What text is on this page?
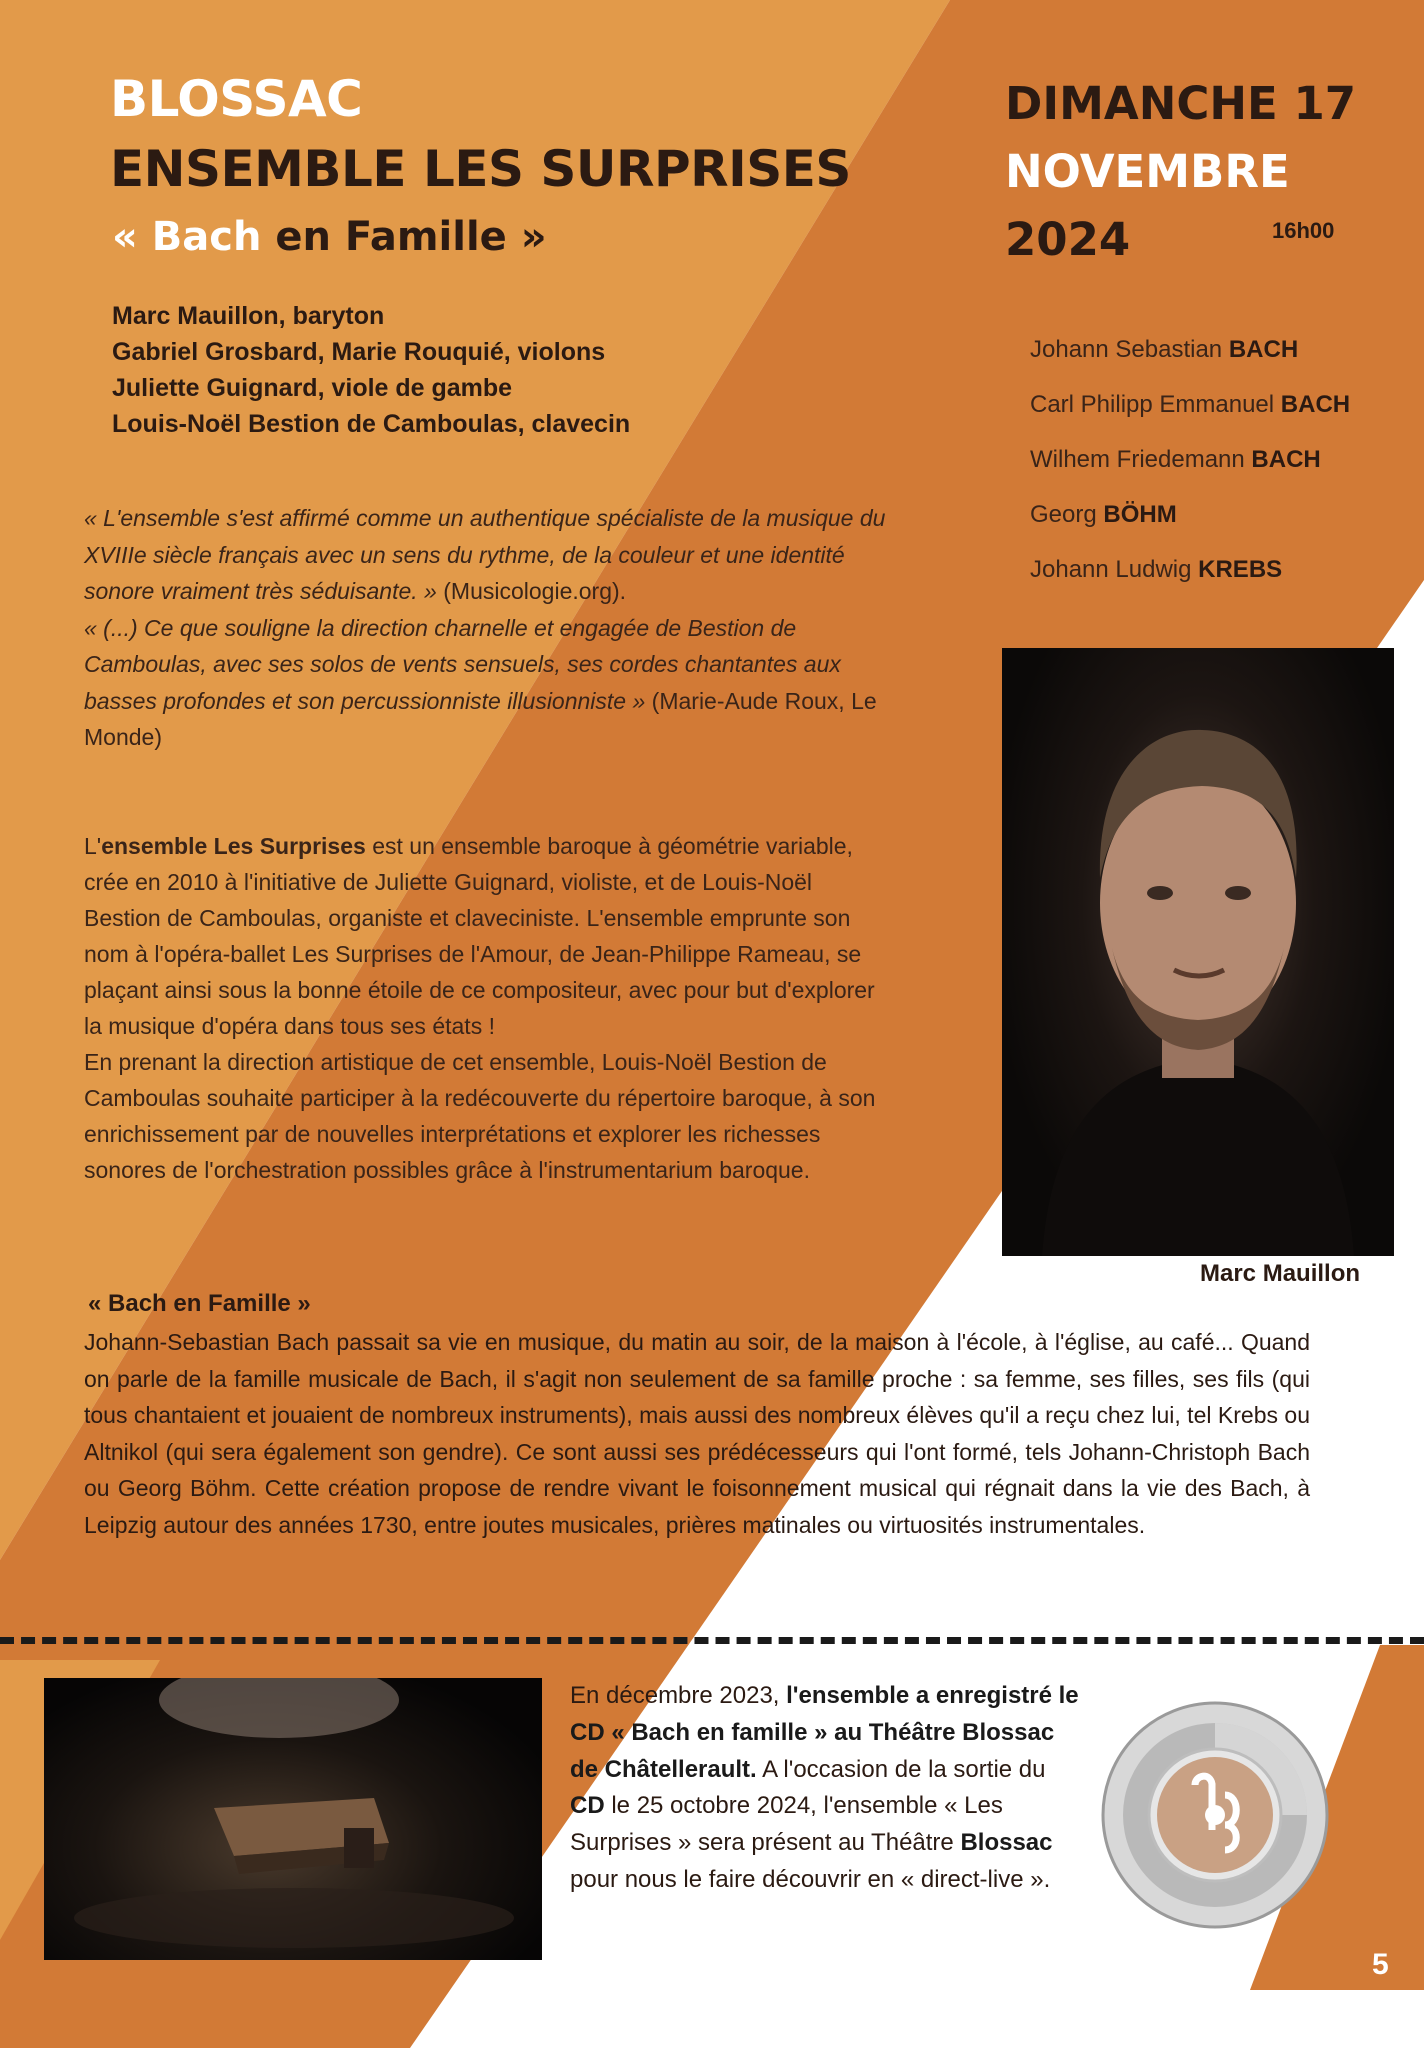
BLOSSAC
ENSEMBLE LES SURPRISES
« Bach en Famille »
Marc Mauillon, baryton
Gabriel Grosbard, Marie Rouquié, violons
Juliette Guignard, viole de gambe
Louis-Noël Bestion de Camboulas, clavecin
DIMANCHE 17
NOVEMBRE
2024	16h00
Johann Sebastian BACH
Carl Philipp Emmanuel BACH
Wilhem Friedemann BACH
Georg BÖHM
Johann Ludwig KREBS
Marc Mauillon
« L'ensemble s'est affirmé comme un authentique spécialiste de la musique du XVIIIe siècle français avec un sens du rythme, de la couleur et une identité sonore vraiment très séduisante. » (Musicologie.org).
« (...) Ce que souligne la direction charnelle et engagée de Bestion de Camboulas, avec ses solos de vents sensuels, ses cordes chantantes aux basses profondes et son percussionniste illusionniste » (Marie-Aude Roux, Le Monde)
L'ensemble Les Surprises est un ensemble baroque à géométrie variable, crée en 2010 à l'initiative de Juliette Guignard, violiste, et de Louis-Noël Bestion de Camboulas, organiste et claveciniste. L'ensemble emprunte son nom à l'opéra-ballet Les Surprises de l'Amour, de Jean-Philippe Rameau, se plaçant ainsi sous la bonne étoile de ce compositeur, avec pour but d'explorer la musique d'opéra dans tous ses états !
En prenant la direction artistique de cet ensemble, Louis-Noël Bestion de Camboulas souhaite participer à la redécouverte du répertoire baroque, à son enrichissement par de nouvelles interprétations et explorer les richesses sonores de l'orchestration possibles grâce à l'instrumentarium baroque.
« Bach en Famille »
Johann-Sebastian Bach passait sa vie en musique, du matin au soir, de la maison à l'école, à l'église, au café... Quand on parle de la famille musicale de Bach, il s'agit non seulement de sa famille proche : sa femme, ses filles, ses fils (qui tous chantaient et jouaient de nombreux instruments), mais aussi des nombreux élèves qu'il a reçu chez lui, tel Krebs ou Altnikol (qui sera également son gendre). Ce sont aussi ses prédécesseurs qui l'ont formé, tels Johann-Christoph Bach ou Georg Böhm. Cette création propose de rendre vivant le foisonnement musical qui régnait dans la vie des Bach, à Leipzig autour des années 1730, entre joutes musicales, prières matinales ou virtuosités instrumentales.
En décembre 2023, l'ensemble a enregistré le CD « Bach en famille » au Théâtre Blossac de Châtellerault. A l'occasion de la sortie du CD le 25 octobre 2024, l'ensemble « Les Surprises » sera présent au Théâtre Blossac pour nous le faire découvrir en « direct-live ».
5
